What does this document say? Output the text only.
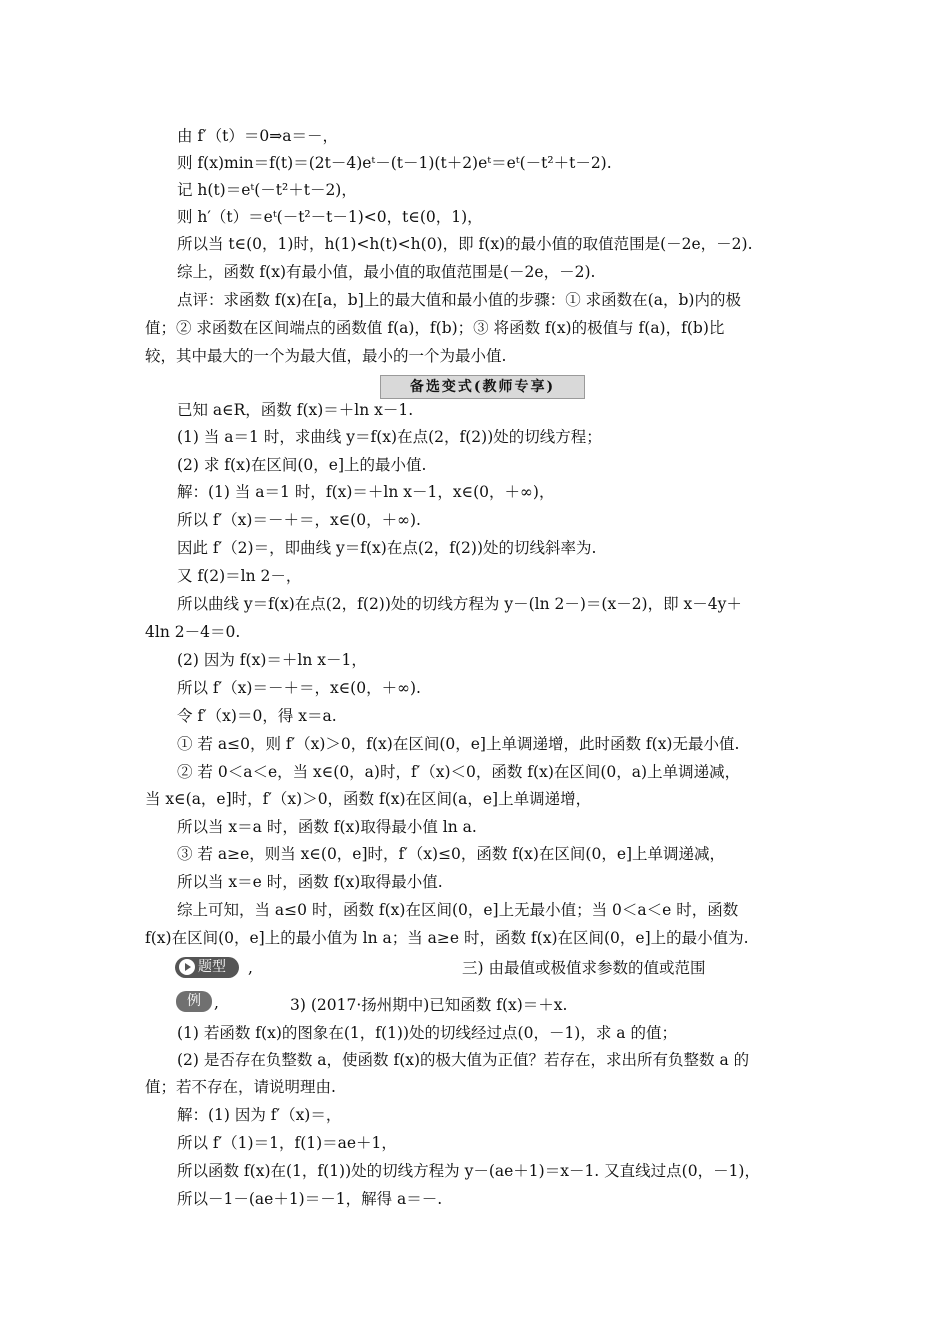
由 f′（t）＝0⇒a＝－，
则 f(x)min＝f(t)＝(2t－4)eᵗ－(t－1)(t＋2)eᵗ＝eᵗ(－t²＋t－2).
记 h(t)＝eᵗ(－t²＋t－2)，
则 h′（t）＝eᵗ(－t²－t－1)<0，t∈(0，1)，
所以当 t∈(0，1)时，h(1)<h(t)<h(0)，即 f(x)的最小值的取值范围是(－2e，－2).
综上，函数 f(x)有最小值，最小值的取值范围是(－2e，－2).
点评：求函数 f(x)在[a，b]上的最大值和最小值的步骤：① 求函数在(a，b)内的极
值；② 求函数在区间端点的函数值 f(a)，f(b)；③ 将函数 f(x)的极值与 f(a)，f(b)比
较，其中最大的一个为最大值，最小的一个为最小值.
备选变式(教师专享)
已知 a∈R，函数 f(x)＝＋ln x－1.
(1) 当 a＝1 时，求曲线 y＝f(x)在点(2，f(2))处的切线方程；
(2) 求 f(x)在区间(0，e]上的最小值.
解：(1) 当 a＝1 时，f(x)＝＋ln x－1，x∈(0，＋∞)，
所以 f′（x)＝－＋＝，x∈(0，＋∞).
因此 f′（2)＝，即曲线 y＝f(x)在点(2，f(2))处的切线斜率为.
又 f(2)＝ln 2－，
所以曲线 y＝f(x)在点(2，f(2))处的切线方程为 y－(ln 2－)＝(x－2)，即 x－4y＋
4ln 2－4＝0.
(2) 因为 f(x)＝＋ln x－1，
所以 f′（x)＝－＋＝，x∈(0，＋∞).
令 f′（x)＝0，得 x＝a.
① 若 a≤0，则 f′（x)＞0，f(x)在区间(0，e]上单调递增，此时函数 f(x)无最小值.
② 若 0＜a＜e，当 x∈(0，a)时，f′（x)＜0，函数 f(x)在区间(0，a)上单调递减，
当 x∈(a，e]时，f′（x)＞0，函数 f(x)在区间(a，e]上单调递增，
所以当 x＝a 时，函数 f(x)取得最小值 ln a.
③ 若 a≥e，则当 x∈(0，e]时，f′（x)≤0，函数 f(x)在区间(0，e]上单调递减，
所以当 x＝e 时，函数 f(x)取得最小值.
综上可知，当 a≤0 时，函数 f(x)在区间(0，e]上无最小值；当 0＜a＜e 时，函数
f(x)在区间(0，e]上的最小值为 ln a；当 a≥e 时，函数 f(x)在区间(0，e]上的最小值为.
题型	,	三) 由最值或极值求参数的值或范围
例 ,	3) (2017·扬州期中)已知函数 f(x)＝＋x.
(1) 若函数 f(x)的图象在(1，f(1))处的切线经过点(0，－1)，求 a 的值；
(2) 是否存在负整数 a，使函数 f(x)的极大值为正值？若存在，求出所有负整数 a 的
值；若不存在，请说明理由.
解：(1) 因为 f′（x)＝，
所以 f′（1)＝1，f(1)＝ae＋1，
所以函数 f(x)在(1，f(1))处的切线方程为 y－(ae＋1)＝x－1. 又直线过点(0，－1)，
所以－1－(ae＋1)＝－1，解得 a＝－.
